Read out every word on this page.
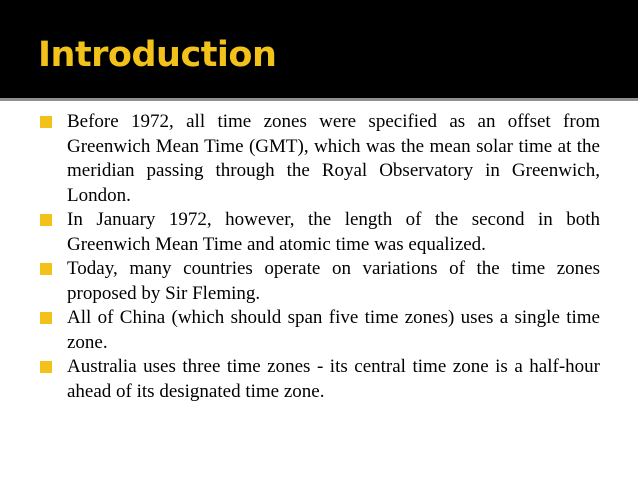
Introduction
Before 1972, all time zones were specified as an offset from Greenwich Mean Time (GMT), which was the mean solar time at the meridian passing through the Royal Observatory in Greenwich, London.
In January 1972, however, the length of the second in both Greenwich Mean Time and atomic time was equalized.
Today, many countries operate on variations of the time zones proposed by Sir Fleming.
All of China (which should span five time zones) uses a single time zone.
Australia uses three time zones - its central time zone is a half-hour ahead of its designated time zone.
